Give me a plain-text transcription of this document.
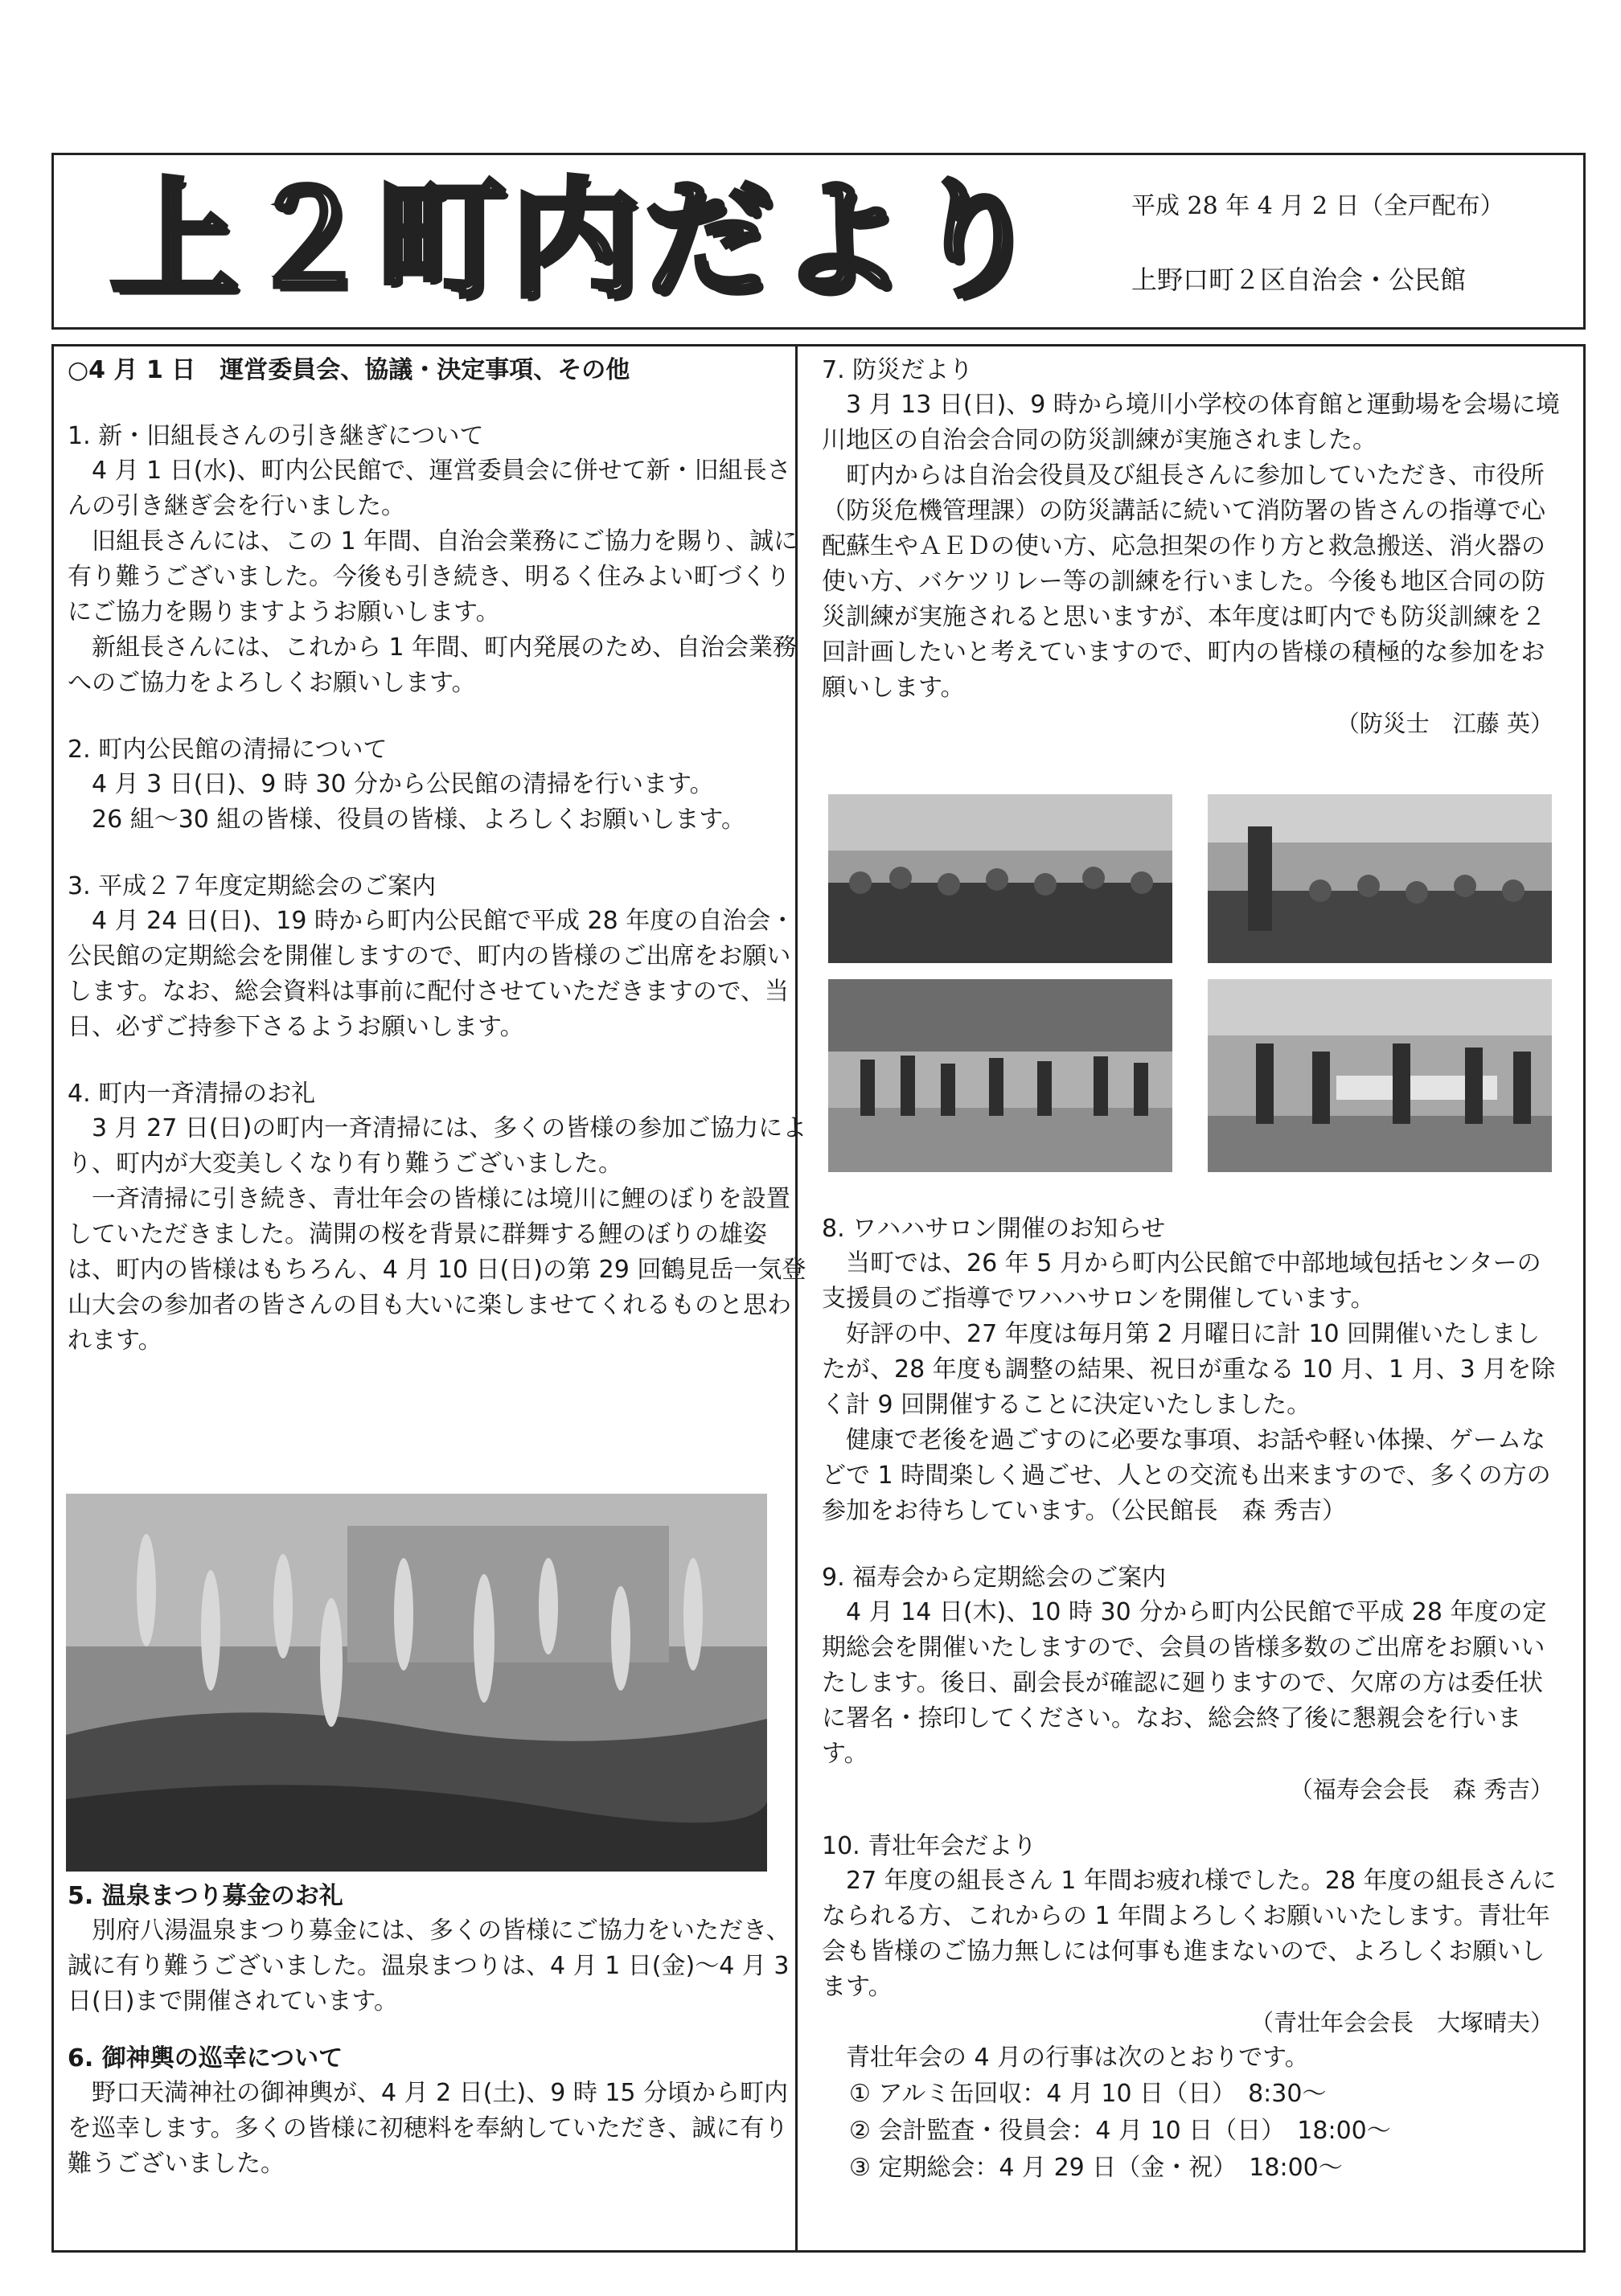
上２町内だより	平成 28 年 4 月 2 日（全戸配布）
上野口町２区自治会・公民館

○4 月 1 日　運営委員会、協議・決定事項、その他

1. 新・旧組長さんの引き継ぎについて

4 月 1 日(水)、町内公民館で、運営委員会に併せて新・旧組長さんの引き継ぎ会を行いました。

旧組長さんには、この 1 年間、自治会業務にご協力を賜り、誠に有り難うございました。今後も引き続き、明るく住みよい町づくりにご協力を賜りますようお願いします。

新組長さんには、これから 1 年間、町内発展のため、自治会業務へのご協力をよろしくお願いします。

2. 町内公民館の清掃について

4 月 3 日(日)、9 時 30 分から公民館の清掃を行います。

26 組～30 組の皆様、役員の皆様、よろしくお願いします。

3. 平成２７年度定期総会のご案内

4 月 24 日(日)、19 時から町内公民館で平成 28 年度の自治会・公民館の定期総会を開催しますので、町内の皆様のご出席をお願いします。なお、総会資料は事前に配付させていただきますので、当日、必ずご持参下さるようお願いします。

4. 町内一斉清掃のお礼

3 月 27 日(日)の町内一斉清掃には、多くの皆様の参加ご協力により、町内が大変美しくなり有り難うございました。

一斉清掃に引き続き、青壮年会の皆様には境川に鯉のぼりを設置していただきました。満開の桜を背景に群舞する鯉のぼりの雄姿は、町内の皆様はもちろん、4 月 10 日(日)の第 29 回鶴見岳一気登山大会の参加者の皆さんの目も大いに楽しませてくれるものと思われます。

5. 温泉まつり募金のお礼

別府八湯温泉まつり募金には、多くの皆様にご協力をいただき、誠に有り難うございました。温泉まつりは、4 月 1 日(金)～4 月 3 日(日)まで開催されています。

6. 御神輿の巡幸について

野口天満神社の御神輿が、4 月 2 日(土)、9 時 15 分頃から町内を巡幸します。多くの皆様に初穂料を奉納していただき、誠に有り難うございました。

7. 防災だより

3 月 13 日(日)、9 時から境川小学校の体育館と運動場を会場に境川地区の自治会合同の防災訓練が実施されました。

町内からは自治会役員及び組長さんに参加していただき、市役所（防災危機管理課）の防災講話に続いて消防署の皆さんの指導で心配蘇生やＡＥＤの使い方、応急担架の作り方と救急搬送、消火器の使い方、バケツリレー等の訓練を行いました。今後も地区合同の防災訓練が実施されると思いますが、本年度は町内でも防災訓練を２回計画したいと考えていますので、町内の皆様の積極的な参加をお願いします。

（防災士　江藤 英）

8. ワハハサロン開催のお知らせ

当町では、26 年 5 月から町内公民館で中部地域包括センターの支援員のご指導でワハハサロンを開催しています。

好評の中、27 年度は毎月第 2 月曜日に計 10 回開催いたしましたが、28 年度も調整の結果、祝日が重なる 10 月、1 月、3 月を除く計 9 回開催することに決定いたしました。

健康で老後を過ごすのに必要な事項、お話や軽い体操、ゲームなどで 1 時間楽しく過ごせ、人との交流も出来ますので、多くの方の参加をお待ちしています。（公民館長　森 秀吉）

9. 福寿会から定期総会のご案内

4 月 14 日(木)、10 時 30 分から町内公民館で平成 28 年度の定期総会を開催いたしますので、会員の皆様多数のご出席をお願いいたします。後日、副会長が確認に廻りますので、欠席の方は委任状に署名・捺印してください。なお、総会終了後に懇親会を行います。

（福寿会会長　森 秀吉）

10. 青壮年会だより

27 年度の組長さん 1 年間お疲れ様でした。28 年度の組長さんになられる方、これからの 1 年間よろしくお願いいたします。青壮年会も皆様のご協力無しには何事も進まないので、よろしくお願いします。

（青壮年会会長　大塚晴夫）

青壮年会の 4 月の行事は次のとおりです。

① アルミ缶回収：4 月 10 日（日）　8:30～

② 会計監査・役員会：4 月 10 日（日）　18:00～

③ 定期総会：4 月 29 日（金・祝）　18:00～
